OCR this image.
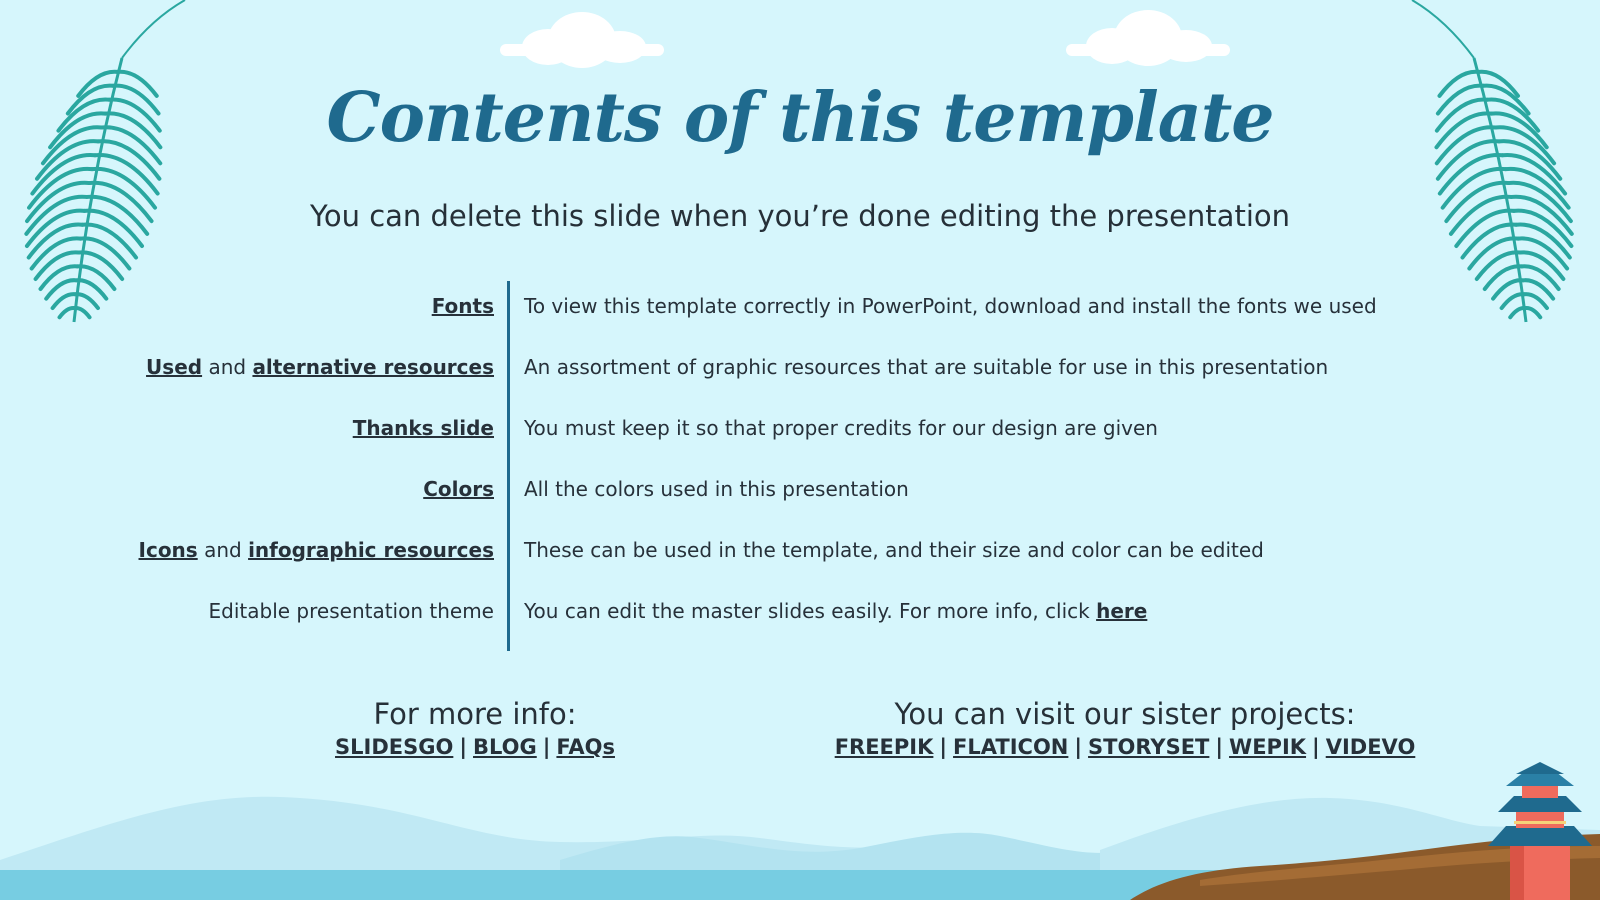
Contents of this template
You can delete this slide when you’re done editing the presentation
Fonts To view this template correctly in PowerPoint, download and install the fonts we used
Used and alternative resources An assortment of graphic resources that are suitable for use in this presentation
Thanks slide You must keep it so that proper credits for our design are given
Colors All the colors used in this presentation
Icons and infographic resources These can be used in the template, and their size and color can be edited
Editable presentation theme You can edit the master slides easily. For more info, click here
For more info:
SLIDESGO | BLOG | FAQs
You can visit our sister projects:
FREEPIK | FLATICON | STORYSET | WEPIK | VIDEVO
